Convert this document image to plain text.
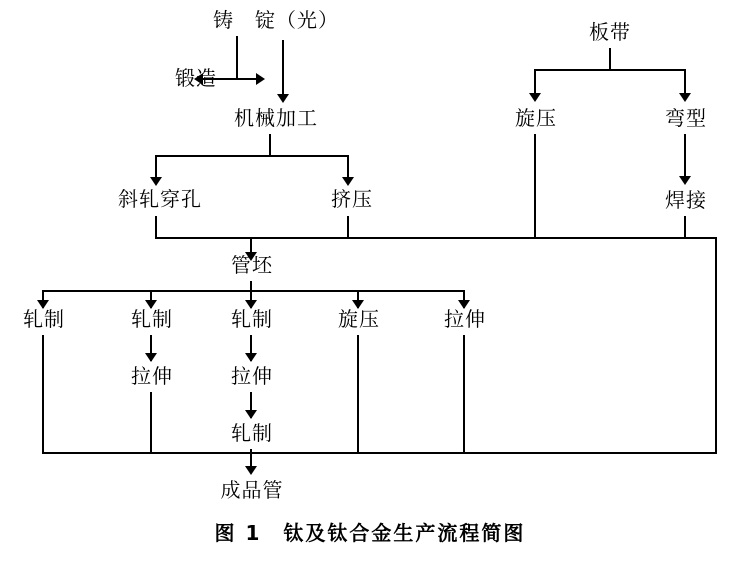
铸　锭（光）
锻造
机械加工
斜轧穿孔	挤压
板带
旋压	弯型
焊接
管坯
轧制	轧制	轧制	旋压	拉伸
拉伸	拉伸
轧制
成品管
图 1　钛及钛合金生产流程简图
